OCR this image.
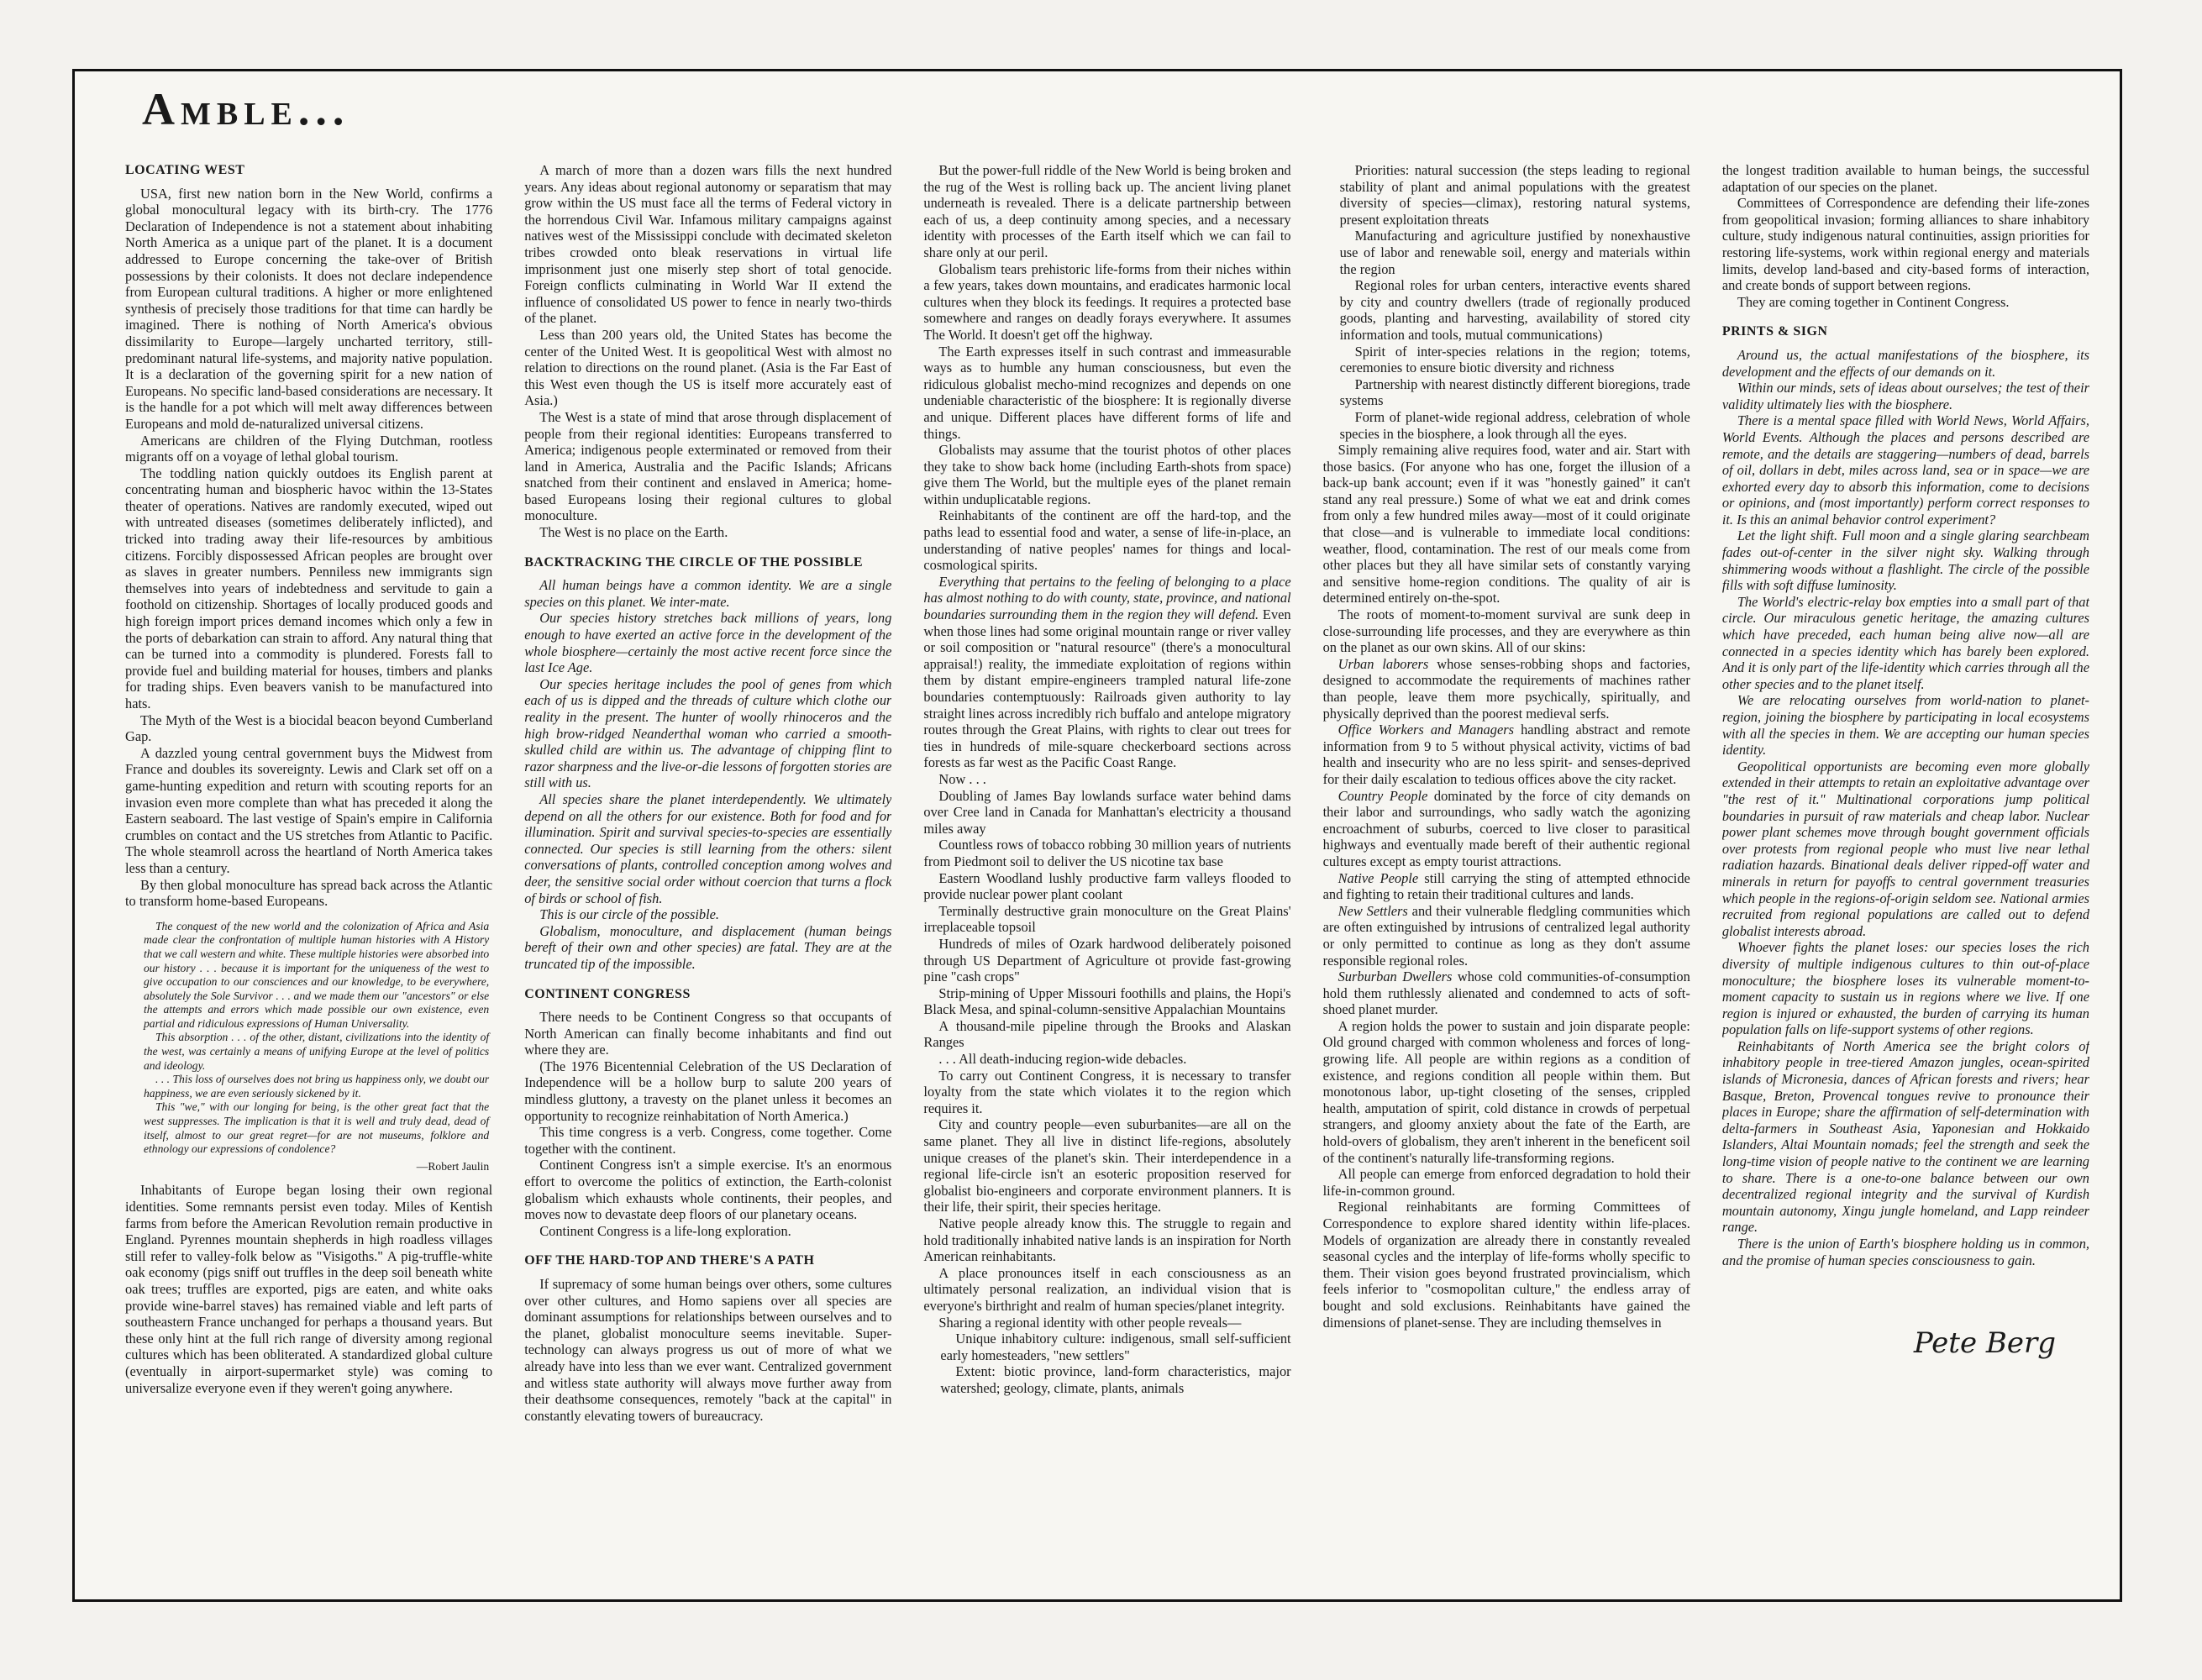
Amble...
LOCATING WEST

USA, first new nation born in the New World, confirms a global monocultural legacy with its birth-cry. The 1776 Declaration of Independence is not a statement about inhabiting North America as a unique part of the planet. It is a document addressed to Europe concerning the take-over of British possessions by their colonists. It does not declare independence from European cultural traditions. A higher or more enlightened synthesis of precisely those traditions for that time can hardly be imagined. There is nothing of North America's obvious dissimilarity to Europe—largely uncharted territory, still-predominant natural life-systems, and majority native population. It is a declaration of the governing spirit for a new nation of Europeans. No specific land-based considerations are necessary. It is the handle for a pot which will melt away differences between Europeans and mold de-naturalized universal citizens.

Americans are children of the Flying Dutchman, rootless migrants off on a voyage of lethal global tourism.

The toddling nation quickly outdoes its English parent at concentrating human and biospheric havoc within the 13-States theater of operations. Natives are randomly executed, wiped out with untreated diseases (sometimes deliberately inflicted), and tricked into trading away their life-resources by ambitious citizens. Forcibly dispossessed African peoples are brought over as slaves in greater numbers. Penniless new immigrants sign themselves into years of indebtedness and servitude to gain a foothold on citizenship. Shortages of locally produced goods and high foreign import prices demand incomes which only a few in the ports of debarkation can strain to afford. Any natural thing that can be turned into a commodity is plundered. Forests fall to provide fuel and building material for houses, timbers and planks for trading ships. Even beavers vanish to be manufactured into hats.

The Myth of the West is a biocidal beacon beyond Cumberland Gap.

A dazzled young central government buys the Midwest from France and doubles its sovereignty. Lewis and Clark set off on a game-hunting expedition and return with scouting reports for an invasion even more complete than what has preceded it along the Eastern seaboard. The last vestige of Spain's empire in California crumbles on contact and the US stretches from Atlantic to Pacific. The whole steamroll across the heartland of North America takes less than a century.

By then global monoculture has spread back across the Atlantic to transform home-based Europeans.

The conquest of the new world and the colonization of Africa and Asia made clear the confrontation of multiple human histories with A History that we call western and white. These multiple histories were absorbed into our history . . . because it is important for the uniqueness of the west to give occupation to our consciences and our knowledge, to be everywhere, absolutely the Sole Survivor . . . and we made them our "ancestors" or else the attempts and errors which made possible our own existence, even partial and ridiculous expressions of Human Universality.

This absorption . . . of the other, distant, civilizations into the identity of the west, was certainly a means of unifying Europe at the level of politics and ideology.

. . . This loss of ourselves does not bring us happiness only, we doubt our happiness, we are even seriously sickened by it.

This "we," with our longing for being, is the other great fact that the west suppresses. The implication is that it is well and truly dead, dead of itself, almost to our great regret—for are not museums, folklore and ethnology our expressions of condolence?

—Robert Jaulin

Inhabitants of Europe began losing their own regional identities. Some remnants persist even today. Miles of Kentish farms from before the American Revolution remain productive in England. Pyrennes mountain shepherds in high roadless villages still refer to valley-folk below as "Visigoths." A pig-truffle-white oak economy (pigs sniff out truffles in the deep soil beneath white oak trees; truffles are exported, pigs are eaten, and white oaks provide wine-barrel staves) has remained viable and left parts of southeastern France unchanged for perhaps a thousand years. But these only hint at the full rich range of diversity among regional cultures which has been obliterated. A standardized global culture (eventually in airport-supermarket style) was coming to universalize everyone even if they weren't going anywhere.

A march of more than a dozen wars fills the next hundred years. Any ideas about regional autonomy or separatism that may grow within the US must face all the terms of Federal victory in the horrendous Civil War. Infamous military campaigns against natives west of the Mississippi conclude with decimated skeleton tribes crowded onto bleak reservations in virtual life imprisonment just one miserly step short of total genocide. Foreign conflicts culminating in World War II extend the influence of consolidated US power to fence in nearly two-thirds of the planet.

Less than 200 years old, the United States has become the center of the United West. It is geopolitical West with almost no relation to directions on the round planet. (Asia is the Far East of this West even though the US is itself more accurately east of Asia.)

The West is a state of mind that arose through displacement of people from their regional identities: Europeans transferred to America; indigenous people exterminated or removed from their land in America, Australia and the Pacific Islands; Africans snatched from their continent and enslaved in America; home-based Europeans losing their regional cultures to global monoculture.

The West is no place on the Earth.

BACKTRACKING THE CIRCLE OF THE POSSIBLE

All human beings have a common identity. We are a single species on this planet. We inter-mate.

Our species history stretches back millions of years, long enough to have exerted an active force in the development of the whole biosphere—certainly the most active recent force since the last Ice Age.

Our species heritage includes the pool of genes from which each of us is dipped and the threads of culture which clothe our reality in the present. The hunter of woolly rhinoceros and the high brow-ridged Neanderthal woman who carried a smooth-skulled child are within us. The advantage of chipping flint to razor sharpness and the live-or-die lessons of forgotten stories are still with us.

All species share the planet interdependently. We ultimately depend on all the others for our existence. Both for food and for illumination. Spirit and survival species-to-species are essentially connected. Our species is still learning from the others: silent conversations of plants, controlled conception among wolves and deer, the sensitive social order without coercion that turns a flock of birds or school of fish.

This is our circle of the possible.

Globalism, monoculture, and displacement (human beings bereft of their own and other species) are fatal. They are at the truncated tip of the impossible.

CONTINENT CONGRESS

There needs to be Continent Congress so that occupants of North American can finally become inhabitants and find out where they are.

(The 1976 Bicentennial Celebration of the US Declaration of Independence will be a hollow burp to salute 200 years of mindless gluttony, a travesty on the planet unless it becomes an opportunity to recognize reinhabitation of North America.)

This time congress is a verb. Congress, come together. Come together with the continent.

Continent Congress isn't a simple exercise. It's an enormous effort to overcome the politics of extinction, the Earth-colonist globalism which exhausts whole continents, their peoples, and moves now to devastate deep floors of our planetary oceans.

Continent Congress is a life-long exploration.

OFF THE HARD-TOP AND THERE'S A PATH

If supremacy of some human beings over others, some cultures over other cultures, and Homo sapiens over all species are dominant assumptions for relationships between ourselves and to the planet, globalist monoculture seems inevitable. Super-technology can always progress us out of more of what we already have into less than we ever want. Centralized government and witless state authority will always move further away from their deathsome consequences, remotely "back at the capital" in constantly elevating towers of bureaucracy.

But the power-full riddle of the New World is being broken and the rug of the West is rolling back up. The ancient living planet underneath is revealed. There is a delicate partnership between each of us, a deep continuity among species, and a necessary identity with processes of the Earth itself which we can fail to share only at our peril.

Globalism tears prehistoric life-forms from their niches within a few years, takes down mountains, and eradicates harmonic local cultures when they block its feedings. It requires a protected base somewhere and ranges on deadly forays everywhere. It assumes The World. It doesn't get off the highway.

The Earth expresses itself in such contrast and immeasurable ways as to humble any human consciousness, but even the ridiculous globalist mecho-mind recognizes and depends on one undeniable characteristic of the biosphere: It is regionally diverse and unique. Different places have different forms of life and things.

Globalists may assume that the tourist photos of other places they take to show back home (including Earth-shots from space) give them The World, but the multiple eyes of the planet remain within unduplicatable regions.

Reinhabitants of the continent are off the hard-top, and the paths lead to essential food and water, a sense of life-in-place, an understanding of native peoples' names for things and local-cosmological spirits.

Everything that pertains to the feeling of belonging to a place has almost nothing to do with county, state, province, and national boundaries surrounding them in the region they will defend. Even when those lines had some original mountain range or river valley or soil composition or "natural resource" (there's a monocultural appraisal!) reality, the immediate exploitation of regions within them by distant empire-engineers trampled natural life-zone boundaries contemptuously: Railroads given authority to lay straight lines across incredibly rich buffalo and antelope migratory routes through the Great Plains, with rights to clear out trees for ties in hundreds of mile-square checkerboard sections across forests as far west as the Pacific Coast Range.

Now . . .

Doubling of James Bay lowlands surface water behind dams over Cree land in Canada for Manhattan's electricity a thousand miles away

Countless rows of tobacco robbing 30 million years of nutrients from Piedmont soil to deliver the US nicotine tax base

Eastern Woodland lushly productive farm valleys flooded to provide nuclear power plant coolant

Terminally destructive grain monoculture on the Great Plains' irreplaceable topsoil

Hundreds of miles of Ozark hardwood deliberately poisoned through US Department of Agriculture ot provide fast-growing pine "cash crops"

Strip-mining of Upper Missouri foothills and plains, the Hopi's Black Mesa, and spinal-column-sensitive Appalachian Mountains

A thousand-mile pipeline through the Brooks and Alaskan Ranges

. . . All death-inducing region-wide debacles.

To carry out Continent Congress, it is necessary to transfer loyalty from the state which violates it to the region which requires it.

City and country people—even suburbanites—are all on the same planet. They all live in distinct life-regions, absolutely unique creases of the planet's skin. Their interdependence in a regional life-circle isn't an esoteric proposition reserved for globalist bio-engineers and corporate environment planners. It is their life, their spirit, their species heritage.

Native people already know this. The struggle to regain and hold traditionally inhabited native lands is an inspiration for North American reinhabitants.

A place pronounces itself in each consciousness as an ultimately personal realization, an individual vision that is everyone's birthright and realm of human species/planet integrity.

Sharing a regional identity with other people reveals—

Unique inhabitory culture: indigenous, small self-sufficient early homesteaders, "new settlers"

Extent: biotic province, land-form characteristics, major watershed; geology, climate, plants, animals

Priorities: natural succession (the steps leading to regional stability of plant and animal populations with the greatest diversity of species—climax), restoring natural systems, present exploitation threats

Manufacturing and agriculture justified by nonexhaustive use of labor and renewable soil, energy and materials within the region

Regional roles for urban centers, interactive events shared by city and country dwellers (trade of regionally produced goods, planting and harvesting, availability of stored city information and tools, mutual communications)

Spirit of inter-species relations in the region; totems, ceremonies to ensure biotic diversity and richness

Partnership with nearest distinctly different bioregions, trade systems

Form of planet-wide regional address, celebration of whole species in the biosphere, a look through all the eyes.

Simply remaining alive requires food, water and air. Start with those basics. (For anyone who has one, forget the illusion of a back-up bank account; even if it was "honestly gained" it can't stand any real pressure.) Some of what we eat and drink comes from only a few hundred miles away—most of it could originate that close—and is vulnerable to immediate local conditions: weather, flood, contamination. The rest of our meals come from other places but they all have similar sets of constantly varying and sensitive home-region conditions. The quality of air is determined entirely on-the-spot.

The roots of moment-to-moment survival are sunk deep in close-surrounding life processes, and they are everywhere as thin on the planet as our own skins. All of our skins:

Urban laborers whose senses-robbing shops and factories, designed to accommodate the requirements of machines rather than people, leave them more psychically, spiritually, and physically deprived than the poorest medieval serfs.

Office Workers and Managers handling abstract and remote information from 9 to 5 without physical activity, victims of bad health and insecurity who are no less spirit- and senses-deprived for their daily escalation to tedious offices above the city racket.

Country People dominated by the force of city demands on their labor and surroundings, who sadly watch the agonizing encroachment of suburbs, coerced to live closer to parasitical highways and eventually made bereft of their authentic regional cultures except as empty tourist attractions.

Native People still carrying the sting of attempted ethnocide and fighting to retain their traditional cultures and lands.

New Settlers and their vulnerable fledgling communities which are often extinguished by intrusions of centralized legal authority or only permitted to continue as long as they don't assume responsible regional roles.

Surburban Dwellers whose cold communities-of-consumption hold them ruthlessly alienated and condemned to acts of soft-shoed planet murder.

A region holds the power to sustain and join disparate people: Old ground charged with common wholeness and forces of long-growing life. All people are within regions as a condition of existence, and regions condition all people within them. But monotonous labor, up-tight closeting of the senses, crippled health, amputation of spirit, cold distance in crowds of perpetual strangers, and gloomy anxiety about the fate of the Earth, are hold-overs of globalism, they aren't inherent in the beneficent soil of the continent's naturally life-transforming regions.

All people can emerge from enforced degradation to hold their life-in-common ground.

Regional reinhabitants are forming Committees of Correspondence to explore shared identity within life-places. Models of organization are already there in constantly revealed seasonal cycles and the interplay of life-forms wholly specific to them. Their vision goes beyond frustrated provincialism, which feels inferior to "cosmopolitan culture," the endless array of bought and sold exclusions. Reinhabitants have gained the dimensions of planet-sense. They are including themselves in

the longest tradition available to human beings, the successful adaptation of our species on the planet.

Committees of Correspondence are defending their life-zones from geopolitical invasion; forming alliances to share inhabitory culture, study indigenous natural continuities, assign priorities for restoring life-systems, work within regional energy and materials limits, develop land-based and city-based forms of interaction, and create bonds of support between regions.

They are coming together in Continent Congress.

PRINTS & SIGN

Around us, the actual manifestations of the biosphere, its development and the effects of our demands on it.

Within our minds, sets of ideas about ourselves; the test of their validity ultimately lies with the biosphere.

There is a mental space filled with World News, World Affairs, World Events. Although the places and persons described are remote, and the details are staggering—numbers of dead, barrels of oil, dollars in debt, miles across land, sea or in space—we are exhorted every day to absorb this information, come to decisions or opinions, and (most importantly) perform correct responses to it. Is this an animal behavior control experiment?

Let the light shift. Full moon and a single glaring searchbeam fades out-of-center in the silver night sky. Walking through shimmering woods without a flashlight. The circle of the possible fills with soft diffuse luminosity.

The World's electric-relay box empties into a small part of that circle. Our miraculous genetic heritage, the amazing cultures which have preceded, each human being alive now—all are connected in a species identity which has barely been explored. And it is only part of the life-identity which carries through all the other species and to the planet itself.

We are relocating ourselves from world-nation to planet-region, joining the biosphere by participating in local ecosystems with all the species in them. We are accepting our human species identity.

Geopolitical opportunists are becoming even more globally extended in their attempts to retain an exploitative advantage over "the rest of it." Multinational corporations jump political boundaries in pursuit of raw materials and cheap labor. Nuclear power plant schemes move through bought government officials over protests from regional people who must live near lethal radiation hazards. Binational deals deliver ripped-off water and minerals in return for payoffs to central government treasuries which people in the regions-of-origin seldom see. National armies recruited from regional populations are called out to defend globalist interests abroad.

Whoever fights the planet loses: our species loses the rich diversity of multiple indigenous cultures to thin out-of-place monoculture; the biosphere loses its vulnerable moment-to-moment capacity to sustain us in regions where we live. If one region is injured or exhausted, the burden of carrying its human population falls on life-support systems of other regions.

Reinhabitants of North America see the bright colors of inhabitory people in tree-tiered Amazon jungles, ocean-spirited islands of Micronesia, dances of African forests and rivers; hear Basque, Breton, Provencal tongues revive to pronounce their places in Europe; share the affirmation of self-determination with delta-farmers in Southeast Asia, Yaponesian and Hokkaido Islanders, Altai Mountain nomads; feel the strength and seek the long-time vision of people native to the continent we are learning to share. There is a one-to-one balance between our own decentralized regional integrity and the survival of Kurdish mountain autonomy, Xingu jungle homeland, and Lapp reindeer range.

There is the union of Earth's biosphere holding us in common, and the promise of human species consciousness to gain.

Pete Berg
